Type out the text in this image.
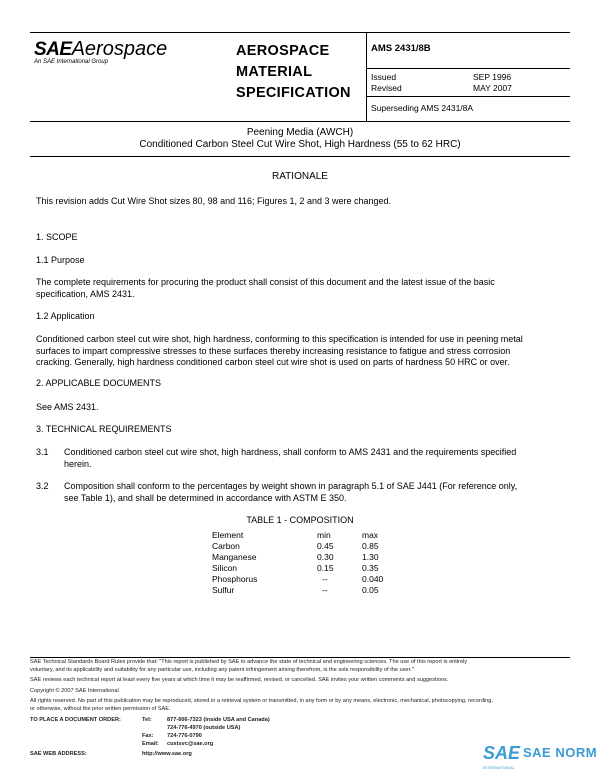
SAEAerospace
An SAE International Group
AEROSPACE
MATERIAL
SPECIFICATION
AMS 2431/8B
Issued	SEP 1996
Revised	MAY 2007
Superseding AMS 2431/8A
Peening Media (AWCH)
Conditioned Carbon Steel Cut Wire Shot, High Hardness (55 to 62 HRC)
RATIONALE
This revision adds Cut Wire Shot sizes 80, 98 and 116; Figures 1, 2 and 3 were changed.
1. SCOPE
1.1 Purpose
The complete requirements for procuring the product shall consist of this document and the latest issue of the basic
specification, AMS 2431.
1.2 Application
Conditioned carbon steel cut wire shot, high hardness, conforming to this specification is intended for use in peening metal
surfaces to impart compressive stresses to these surfaces thereby increasing resistance to fatigue and stress corrosion
cracking. Generally, high hardness conditioned carbon steel cut wire shot is used on parts of hardness 50 HRC or over.
2. APPLICABLE DOCUMENTS
See AMS 2431.
3. TECHNICAL REQUIREMENTS
3.1 Conditioned carbon steel cut wire shot, high hardness, shall conform to AMS 2431 and the requirements specified
herein.
3.2 Composition shall conform to the percentages by weight shown in paragraph 5.1 of SAE J441 (For reference only,
see Table 1), and shall be determined in accordance with ASTM E 350.
TABLE 1 - COMPOSITION
Element	min	max
Carbon	0.45	0.85
Manganese	0.30	1.30
Silicon	0.15	0.35
Phosphorus	--	0.040
Sulfur	--	0.05
SAE Technical Standards Board Rules provide that: "This report is published by SAE to advance the state of technical and engineering sciences. The use of this report is entirely
voluntary, and its applicability and suitability for any particular use, including any patent infringement arising therefrom, is the sole responsibility of the user."
SAE reviews each technical report at least every five years at which time it may be reaffirmed, revised, or cancelled. SAE invites your written comments and suggestions.
Copyright © 2007 SAE International
All rights reserved. No part of this publication may be reproduced, stored in a retrieval system or transmitted, in any form or by any means, electronic, mechanical, photocopying, recording,
or otherwise, without the prior written permission of SAE.
TO PLACE A DOCUMENT ORDER:	Tel:	877-606-7323 (inside USA and Canada)
724-776-4970 (outside USA)
Fax: 724-776-0790
Email: custsvc@sae.org
SAE WEB ADDRESS:	http://www.sae.org	SAE SAE NORM
INTERNATIONAL
